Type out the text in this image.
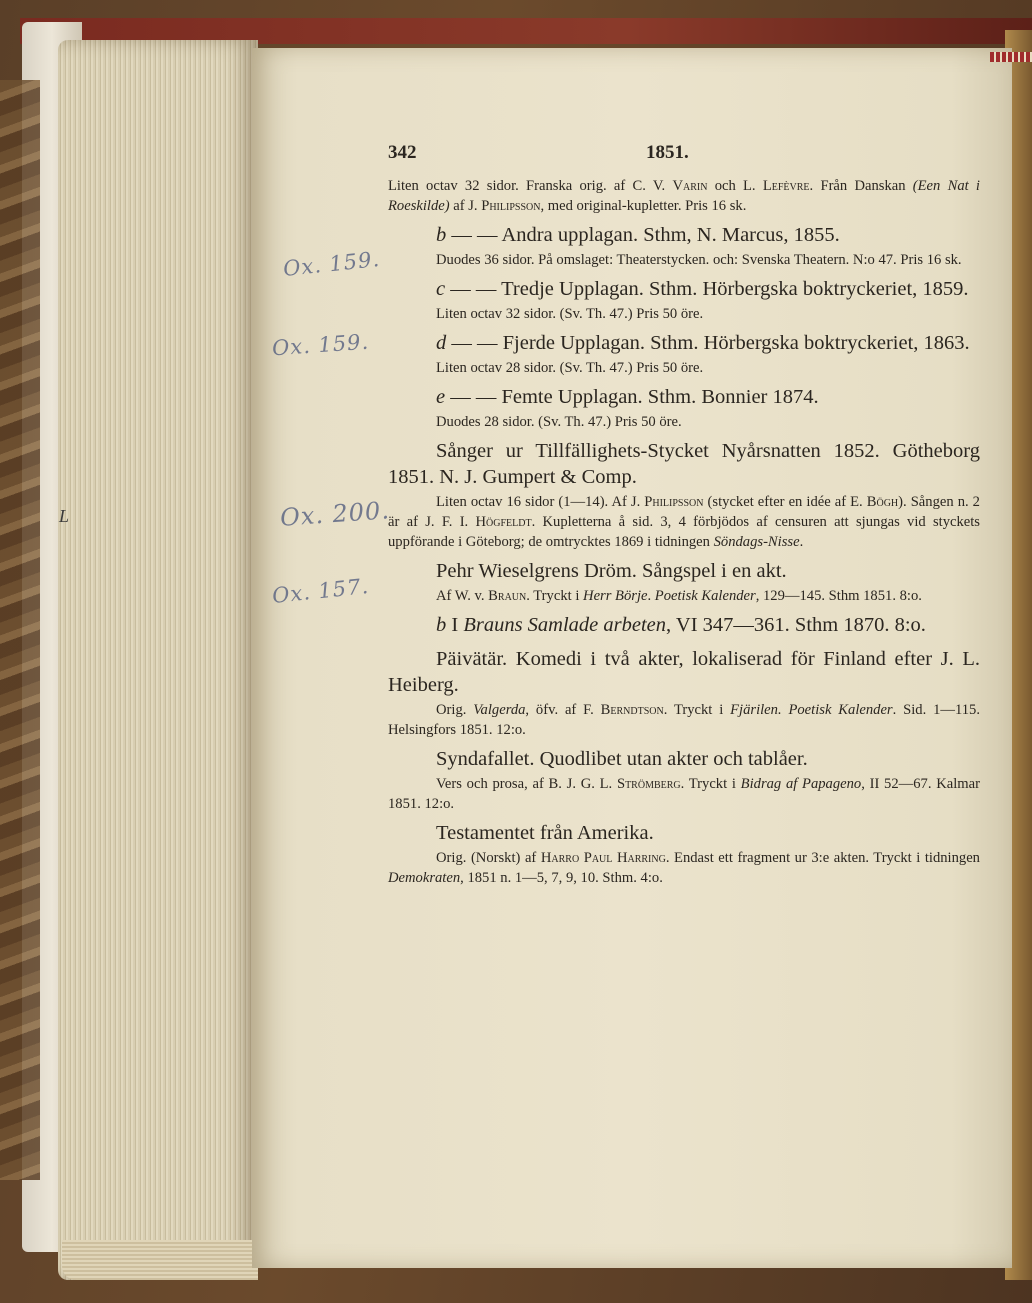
Ox. 159.
Ox. 159.
Ox. 200.
Ox. 157.
L
342	1851.

Liten octav 32 sidor. Franska orig. af C. V. Varin och L. Lefèvre. Från Danskan (Een Nat i Roeskilde) af J. Philipsson, med original-kupletter. Pris 16 sk.

b — — Andra upplagan. Sthm, N. Marcus, 1855.

Duodes 36 sidor. På omslaget: Theaterstycken. och: Svenska Theatern. N:o 47. Pris 16 sk.

c — — Tredje Upplagan. Sthm. Hörbergska boktryckeriet, 1859.

Liten octav 32 sidor. (Sv. Th. 47.) Pris 50 öre.

d — — Fjerde Upplagan. Sthm. Hörbergska boktryckeriet, 1863.

Liten octav 28 sidor. (Sv. Th. 47.) Pris 50 öre.

e — — Femte Upplagan. Sthm. Bonnier 1874.

Duodes 28 sidor. (Sv. Th. 47.) Pris 50 öre.

Sånger ur Tillfällighets-Stycket Nyårsnatten 1852. Götheborg 1851. N. J. Gumpert & Comp.

Liten octav 16 sidor (1—14). Af J. Philipsson (stycket efter en idée af E. Bögh). Sången n. 2 är af J. F. I. Högfeldt. Kupletterna å sid. 3, 4 förbjödos af censuren att sjungas vid styckets uppförande i Göteborg; de omtrycktes 1869 i tidningen Söndags-Nisse.

Pehr Wieselgrens Dröm. Sångspel i en akt.

Af W. v. Braun. Tryckt i Herr Börje. Poetisk Kalender, 129—145. Sthm 1851. 8:o.

b I Brauns Samlade arbeten, VI 347—361. Sthm 1870. 8:o.

Päivätär. Komedi i två akter, lokaliserad för Finland efter J. L. Heiberg.

Orig. Valgerda, öfv. af F. Berndtson. Tryckt i Fjärilen. Poetisk Kalender. Sid. 1—115. Helsingfors 1851. 12:o.

Syndafallet. Quodlibet utan akter och tablåer.

Vers och prosa, af B. J. G. L. Strömberg. Tryckt i Bidrag af Papageno, II 52—67. Kalmar 1851. 12:o.

Testamentet från Amerika.

Orig. (Norskt) af Harro Paul Harring. Endast ett fragment ur 3:e akten. Tryckt i tidningen Demokraten, 1851 n. 1—5, 7, 9, 10. Sthm. 4:o.
